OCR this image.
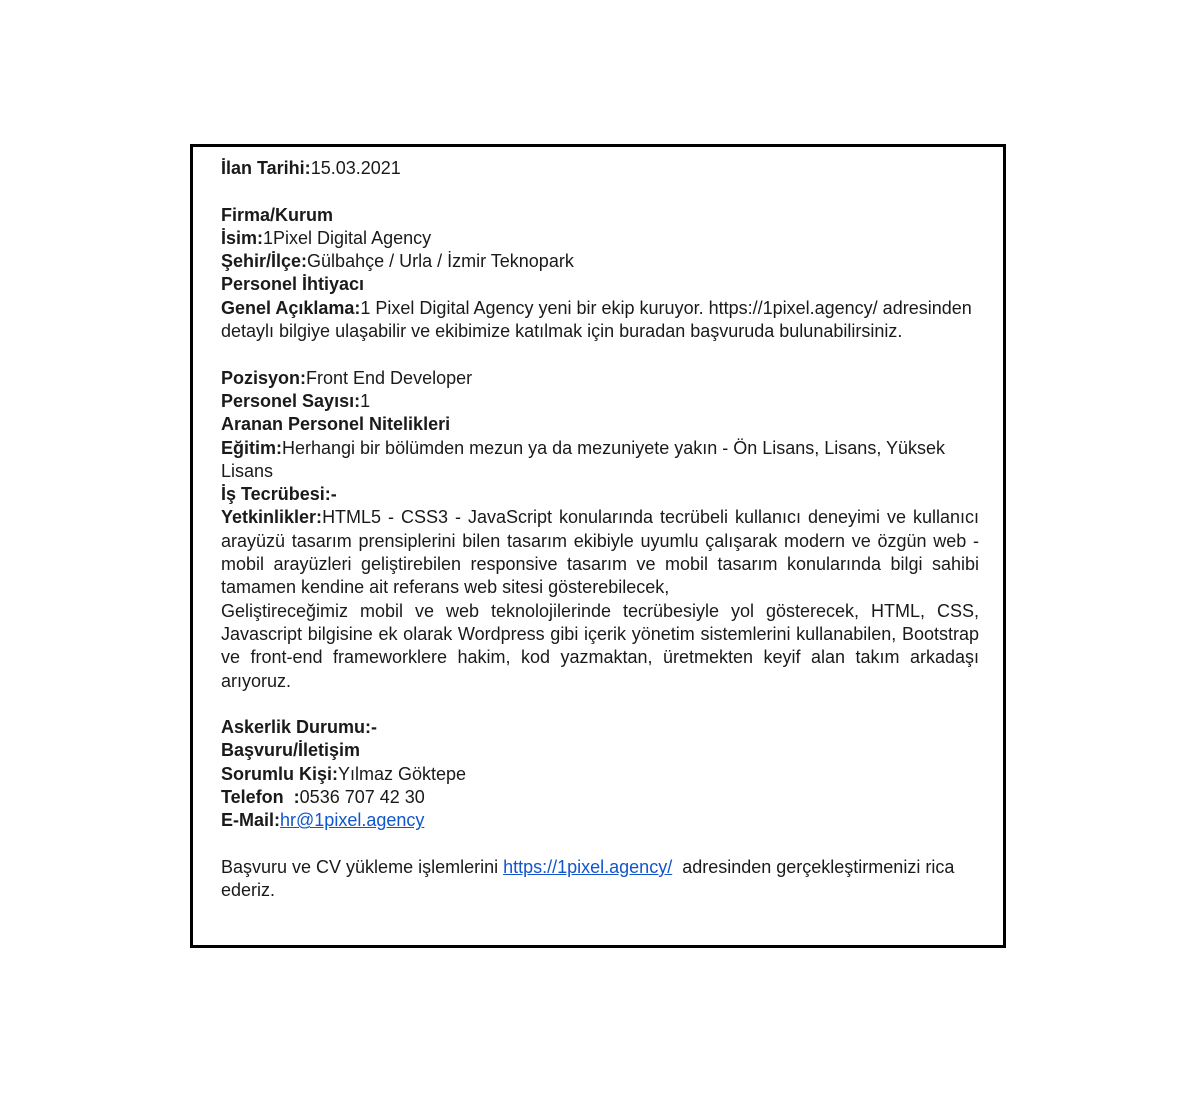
İlan Tarihi:15.03.2021

Firma/Kurum

İsim:1Pixel Digital Agency

Şehir/İlçe:Gülbahçe / Urla / İzmir Teknopark

Personel İhtiyacı

Genel Açıklama:1 Pixel Digital Agency yeni bir ekip kuruyor. https://1pixel.agency/ adresinden detaylı bilgiye ulaşabilir ve ekibimize katılmak için buradan başvuruda bulunabilirsiniz.

Pozisyon:Front End Developer

Personel Sayısı:1

Aranan Personel Nitelikleri

Eğitim:Herhangi bir bölümden mezun ya da mezuniyete yakın - Ön Lisans, Lisans, Yüksek Lisans

İş Tecrübesi:-

Yetkinlikler:HTML5 - CSS3 - JavaScript konularında tecrübeli kullanıcı deneyimi ve kullanıcı arayüzü tasarım prensiplerini bilen tasarım ekibiyle uyumlu çalışarak modern ve özgün web - mobil arayüzleri geliştirebilen responsive tasarım ve mobil tasarım konularında bilgi sahibi tamamen kendine ait referans web sitesi gösterebilecek,

Geliştireceğimiz mobil ve web teknolojilerinde tecrübesiyle yol gösterecek, HTML, CSS, Javascript bilgisine ek olarak Wordpress gibi içerik yönetim sistemlerini kullanabilen, Bootstrap ve front-end frameworklere hakim, kod yazmaktan, üretmekten keyif alan takım arkadaşı arıyoruz.

Askerlik Durumu:-

Başvuru/İletişim

Sorumlu Kişi:Yılmaz Göktepe

Telefon  :0536 707 42 30

E-Mail:hr@1pixel.agency

Başvuru ve CV yükleme işlemlerini https://1pixel.agency/  adresinden gerçekleştirmenizi rica ederiz.
